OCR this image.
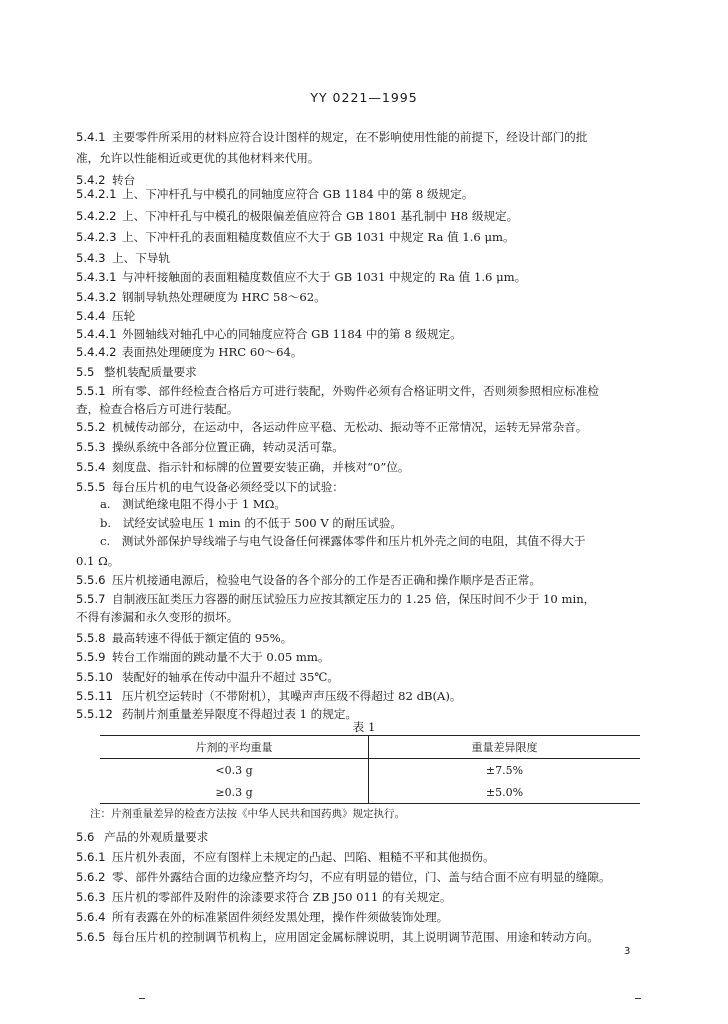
YY 0221—1995
5.4.1 主要零件所采用的材料应符合设计图样的规定，在不影响使用性能的前提下，经设计部门的批
准，允许以性能相近或更优的其他材料来代用。
5.4.2 转台
5.4.2.1 上、下冲杆孔与中模孔的同轴度应符合 GB 1184 中的第 8 级规定。
5.4.2.2 上、下冲杆孔与中模孔的极限偏差值应符合 GB 1801 基孔制中 H8 级规定。
5.4.2.3 上、下冲杆孔的表面粗糙度数值应不大于 GB 1031 中规定 Ra 值 1.6 μm。
5.4.3 上、下导轨
5.4.3.1 与冲杆接触面的表面粗糙度数值应不大于 GB 1031 中规定的 Ra 值 1.6 μm。
5.4.3.2 钢制导轨热处理硬度为 HRC 58～62。
5.4.4 压轮
5.4.4.1 外圆轴线对轴孔中心的同轴度应符合 GB 1184 中的第 8 级规定。
5.4.4.2 表面热处理硬度为 HRC 60～64。
5.5 整机装配质量要求
5.5.1 所有零、部件经检查合格后方可进行装配，外购件必须有合格证明文件，否则须参照相应标准检
查，检查合格后方可进行装配。
5.5.2 机械传动部分，在运动中，各运动件应平稳、无松动、振动等不正常情况，运转无异常杂音。
5.5.3 操纵系统中各部分位置正确，转动灵活可靠。
5.5.4 刻度盘、指示针和标牌的位置要安装正确，并核对“0”位。
5.5.5 每台压片机的电气设备必须经受以下的试验：
a.　测试绝缘电阻不得小于 1 MΩ。
b.　试经安试验电压 1 min 的不低于 500 V 的耐压试验。
c.　测试外部保护导线端子与电气设备任何裸露体零件和压片机外壳之间的电阻，其值不得大于
0.1 Ω。
5.5.6 压片机接通电源后，检验电气设备的各个部分的工作是否正确和操作顺序是否正常。
5.5.7 自制液压缸类压力容器的耐压试验压力应按其额定压力的 1.25 倍，保压时间不少于 10 min，
不得有渗漏和永久变形的损坏。
5.5.8 最高转速不得低于额定值的 95%。
5.5.9 转台工作端面的跳动量不大于 0.05 mm。
5.5.10 装配好的轴承在传动中温升不超过 35℃。
5.5.11 压片机空运转时（不带附机），其噪声声压级不得超过 82 dB(A)。
5.5.12 药制片剂重量差异限度不得超过表 1 的规定。
5.6 产品的外观质量要求
5.6.1 压片机外表面，不应有图样上未规定的凸起、凹陷、粗糙不平和其他损伤。
5.6.2 零、部件外露结合面的边缘应整齐均匀，不应有明显的错位，门、盖与结合面不应有明显的缝隙。
5.6.3 压片机的零部件及附件的涂漆要求符合 ZB J50 011 的有关规定。
5.6.4 所有表露在外的标准紧固件须经发黑处理，操作件须做装饰处理。
5.6.5 每台压片机的控制调节机构上，应用固定金属标牌说明，其上说明调节范围、用途和转动方向。
表 1
片剂的平均重量	重量差异限度
<0.3 g	±7.5%
≥0.3 g	±5.0%
注：片剂重量差异的检查方法按《中华人民共和国药典》规定执行。
3
